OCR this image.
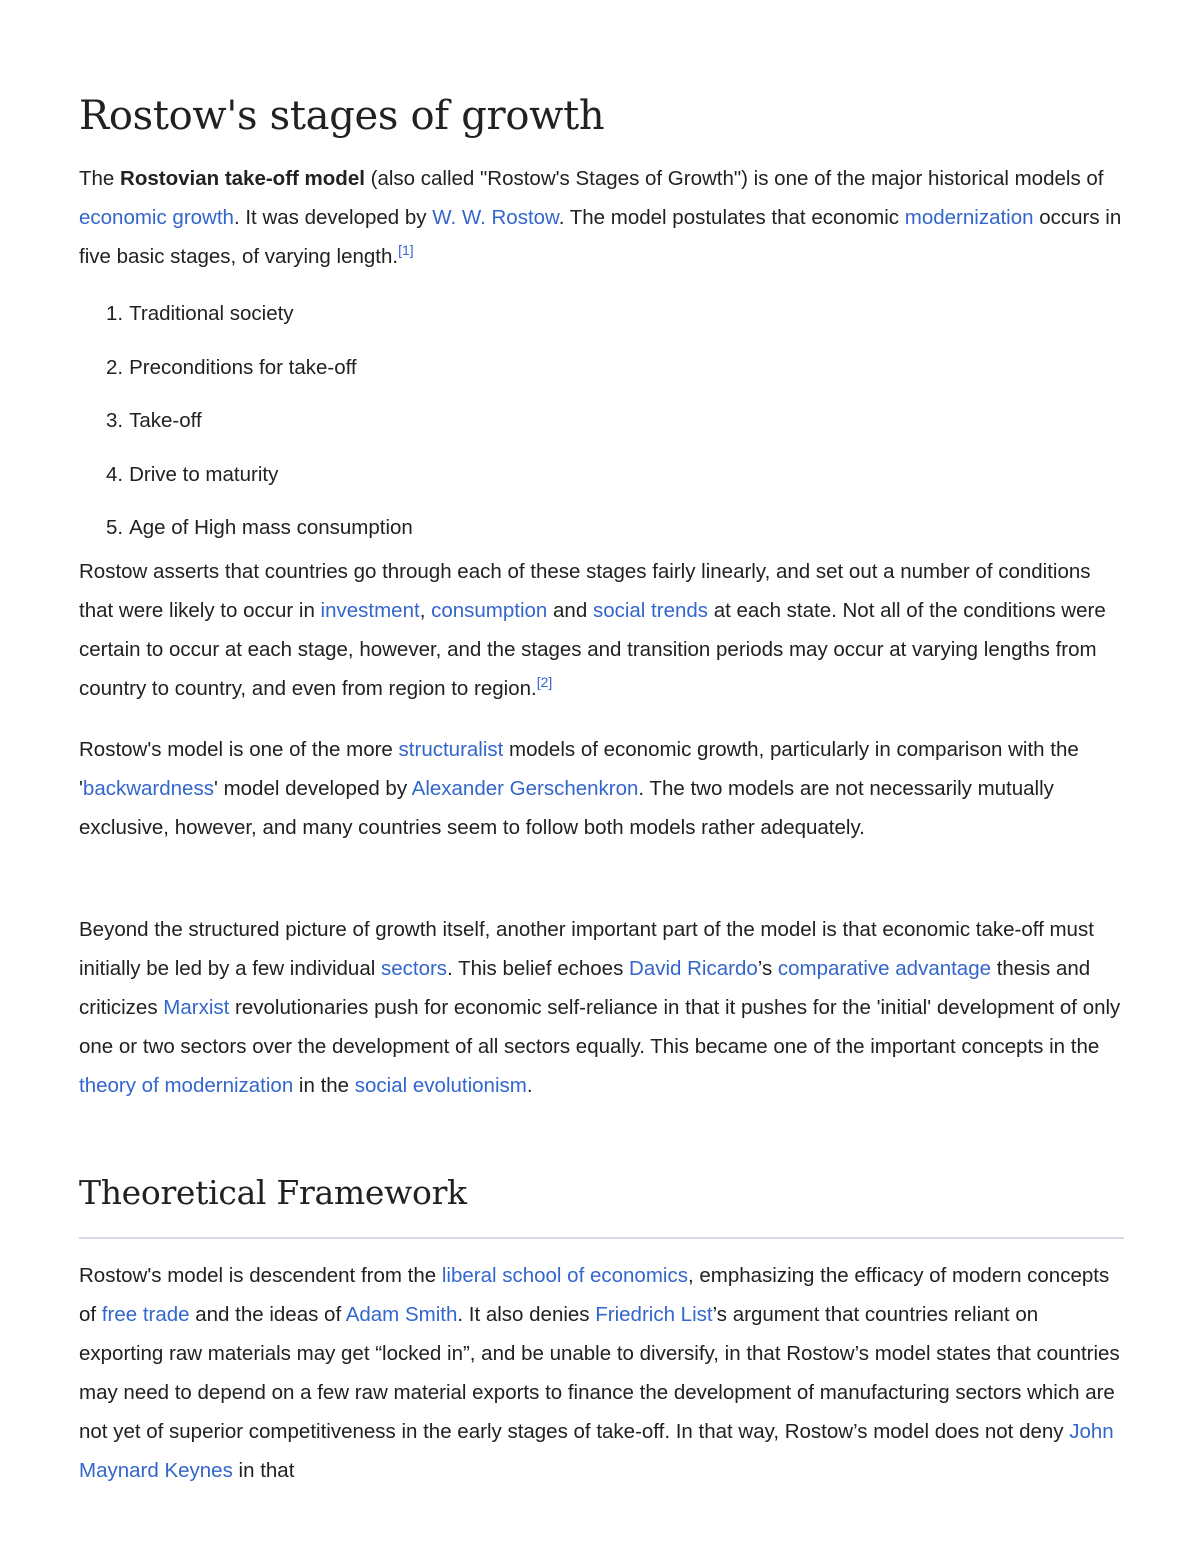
Rostow's stages of growth

The Rostovian take-off model (also called "Rostow's Stages of Growth") is one of the major historical models of economic growth. It was developed by W. W. Rostow. The model postulates that economic modernization occurs in five basic stages, of varying length.[1]

1. Traditional society
2. Preconditions for take-off
3. Take-off
4. Drive to maturity
5. Age of High mass consumption

Rostow asserts that countries go through each of these stages fairly linearly, and set out a number of conditions that were likely to occur in investment, consumption and social trends at each state. Not all of the conditions were certain to occur at each stage, however, and the stages and transition periods may occur at varying lengths from country to country, and even from region to region.[2]

Rostow's model is one of the more structuralist models of economic growth, particularly in comparison with the 'backwardness' model developed by Alexander Gerschenkron. The two models are not necessarily mutually exclusive, however, and many countries seem to follow both models rather adequately.

Beyond the structured picture of growth itself, another important part of the model is that economic take-off must initially be led by a few individual sectors. This belief echoes David Ricardo’s comparative advantage thesis and criticizes Marxist revolutionaries push for economic self-reliance in that it pushes for the 'initial' development of only one or two sectors over the development of all sectors equally. This became one of the important concepts in the theory of modernization in the social evolutionism.

Theoretical Framework

Rostow's model is descendent from the liberal school of economics, emphasizing the efficacy of modern concepts of free trade and the ideas of Adam Smith. It also denies Friedrich List’s argument that countries reliant on exporting raw materials may get “locked in”, and be unable to diversify, in that Rostow’s model states that countries may need to depend on a few raw material exports to finance the development of manufacturing sectors which are not yet of superior competitiveness in the early stages of take-off. In that way, Rostow’s model does not deny John Maynard Keynes in that
